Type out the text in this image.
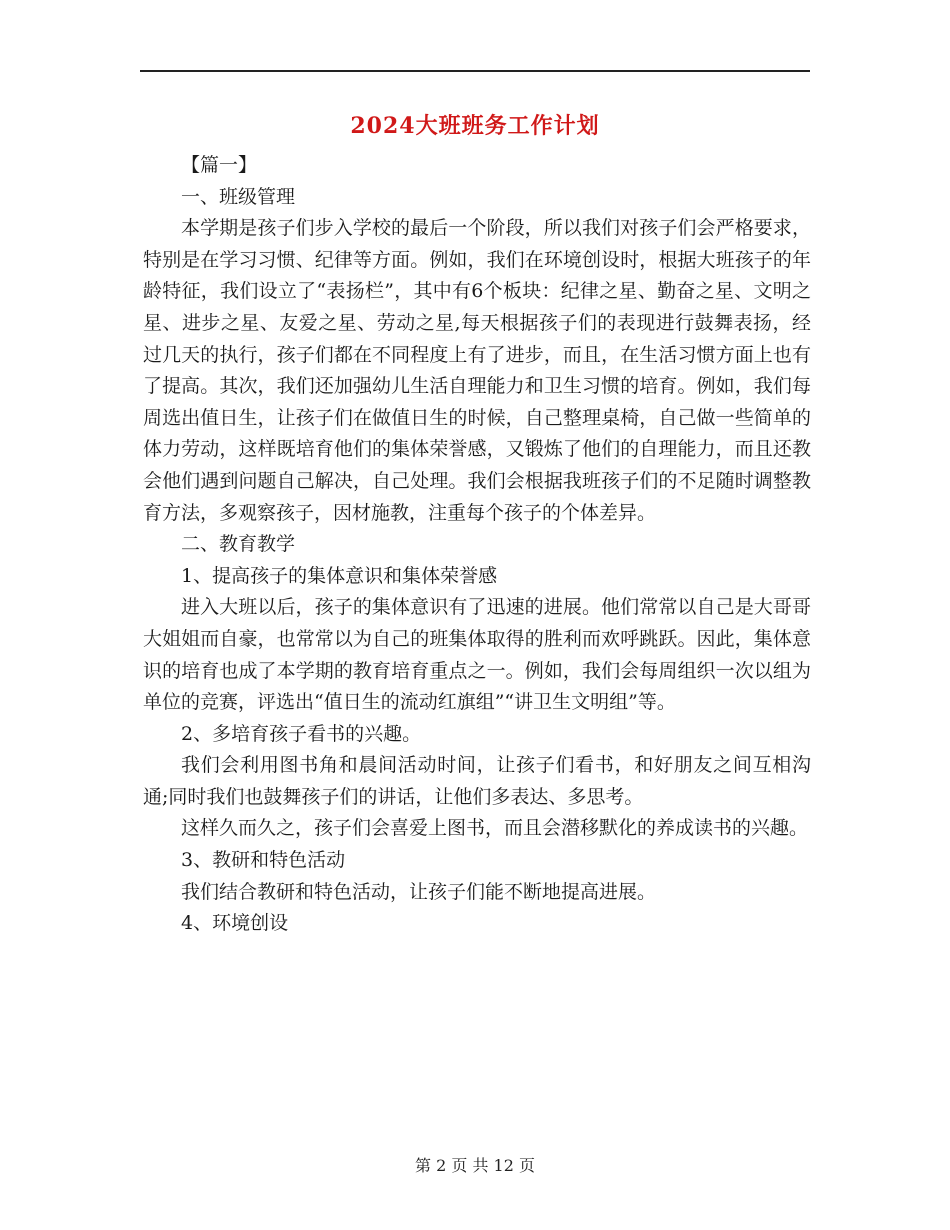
2024大班班务工作计划

【篇一】

一、班级管理

本学期是孩子们步入学校的最后一个阶段，所以我们对孩子们会严格要求，特别是在学习习惯、纪律等方面。例如，我们在环境创设时，根据大班孩子的年龄特征，我们设立了“表扬栏”，其中有6个板块：纪律之星、勤奋之星、文明之星、进步之星、友爱之星、劳动之星,每天根据孩子们的表现进行鼓舞表扬，经过几天的执行，孩子们都在不同程度上有了进步，而且，在生活习惯方面上也有了提高。其次，我们还加强幼儿生活自理能力和卫生习惯的培育。例如，我们每周选出值日生，让孩子们在做值日生的时候，自己整理桌椅，自己做一些简单的体力劳动，这样既培育他们的集体荣誉感，又锻炼了他们的自理能力，而且还教会他们遇到问题自己解决，自己处理。我们会根据我班孩子们的不足随时调整教育方法，多观察孩子，因材施教，注重每个孩子的个体差异。

二、教育教学

1、提高孩子的集体意识和集体荣誉感

进入大班以后，孩子的集体意识有了迅速的进展。他们常常以自己是大哥哥大姐姐而自豪，也常常以为自己的班集体取得的胜利而欢呼跳跃。因此，集体意识的培育也成了本学期的教育培育重点之一。例如，我们会每周组织一次以组为单位的竞赛，评选出“值日生的流动红旗组”“讲卫生文明组”等。

2、多培育孩子看书的兴趣。

我们会利用图书角和晨间活动时间，让孩子们看书，和好朋友之间互相沟通;同时我们也鼓舞孩子们的讲话，让他们多表达、多思考。

这样久而久之，孩子们会喜爱上图书，而且会潜移默化的养成读书的兴趣。

3、教研和特色活动

我们结合教研和特色活动，让孩子们能不断地提高进展。

4、环境创设

第 2 页 共 12 页
